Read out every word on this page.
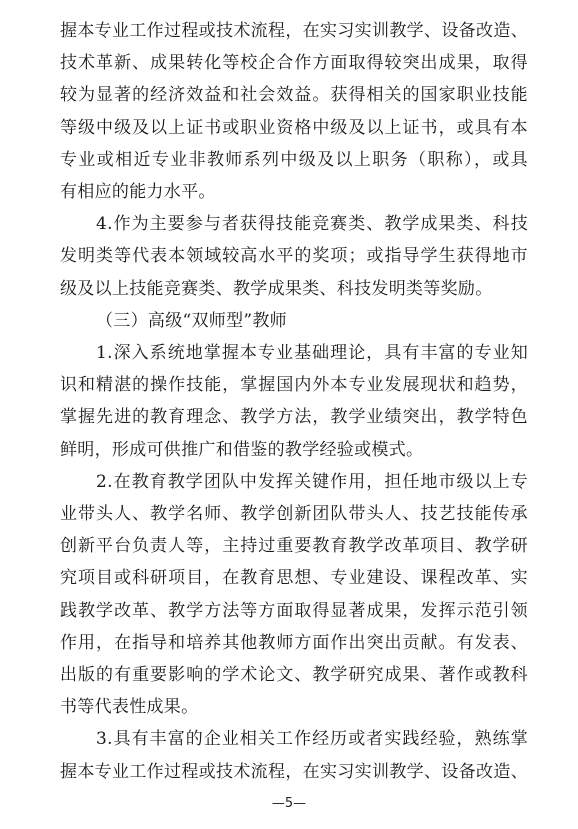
握本专业工作过程或技术流程，在实习实训教学、设备改造、
技术革新、成果转化等校企合作方面取得较突出成果，取得
较为显著的经济效益和社会效益。获得相关的国家职业技能
等级中级及以上证书或职业资格中级及以上证书，或具有本
专业或相近专业非教师系列中级及以上职务（职称），或具
有相应的能力水平。
4.作为主要参与者获得技能竞赛类、教学成果类、科技
发明类等代表本领域较高水平的奖项；或指导学生获得地市
级及以上技能竞赛类、教学成果类、科技发明类等奖励。
（三）高级“双师型”教师
1.深入系统地掌握本专业基础理论，具有丰富的专业知
识和精湛的操作技能，掌握国内外本专业发展现状和趋势，
掌握先进的教育理念、教学方法，教学业绩突出，教学特色
鲜明，形成可供推广和借鉴的教学经验或模式。
2.在教育教学团队中发挥关键作用，担任地市级以上专
业带头人、教学名师、教学创新团队带头人、技艺技能传承
创新平台负责人等，主持过重要教育教学改革项目、教学研
究项目或科研项目，在教育思想、专业建设、课程改革、实
践教学改革、教学方法等方面取得显著成果，发挥示范引领
作用，在指导和培养其他教师方面作出突出贡献。有发表、
出版的有重要影响的学术论文、教学研究成果、著作或教科
书等代表性成果。
3.具有丰富的企业相关工作经历或者实践经验，熟练掌
握本专业工作过程或技术流程，在实习实训教学、设备改造、
—5—
